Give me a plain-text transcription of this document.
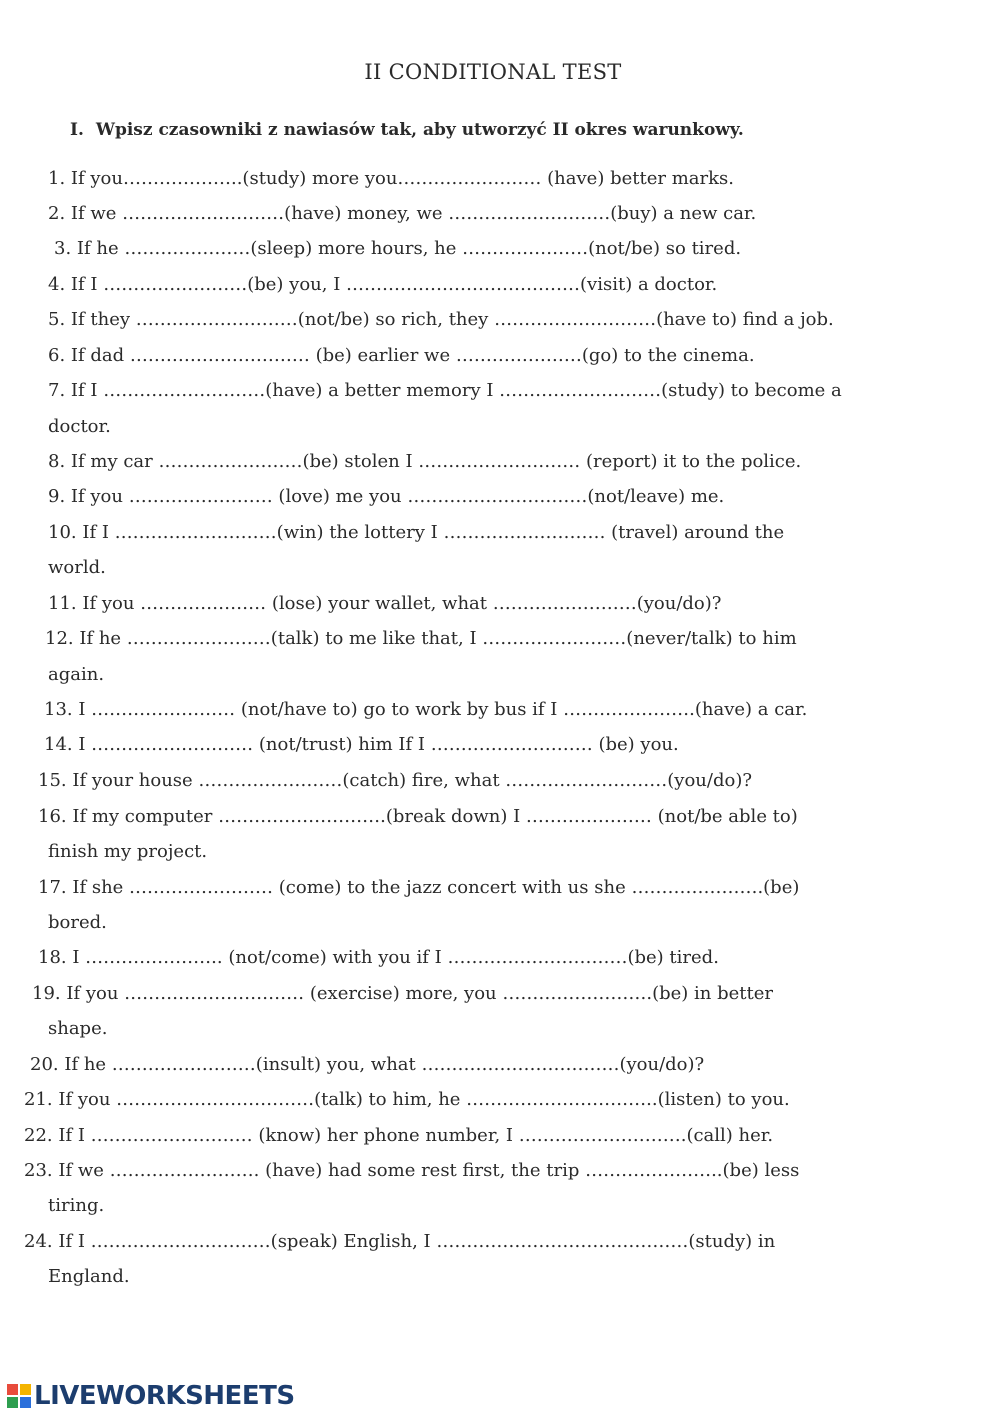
II CONDITIONAL TEST
I. Wpisz czasowniki z nawiasów tak, aby utworzyć II okres warunkowy.
1. If you………………..(study) more you…………………… (have) better marks.
2. If we ………………………(have) money, we ………………………(buy) a new car.
3. If he …………………(sleep) more hours, he …………………(not/be) so tired.
4. If I ……………………(be) you, I …………………………………(visit) a doctor.
5. If they ………………………(not/be) so rich, they ………………………(have to) find a job.
6. If dad ………………………… (be) earlier we …………………(go) to the cinema.
7. If I ………………………(have) a better memory I ………………………(study) to become a
doctor.
8. If my car ……………………(be) stolen I ……………………… (report) it to the police.
9. If you …………………… (love) me you …………………………(not/leave) me.
10. If I ………………………(win) the lottery I ……………………… (travel) around the
world.
11. If you ………………… (lose) your wallet, what ……………………(you/do)?
12. If he ……………………(talk) to me like that, I ……………………(never/talk) to him
again.
13. I …………………… (not/have to) go to work by bus if I ………………….(have) a car.
14. I ……………………… (not/trust) him If I ……………………… (be) you.
15. If your house ……………………(catch) fire, what ………………………(you/do)?
16. If my computer ……………………….(break down) I ………………… (not/be able to)
finish my project.
17. If she …………………… (come) to the jazz concert with us she ………………….(be)
bored.
18. I ………………….. (not/come) with you if I …………………………(be) tired.
19. If you ………………………… (exercise) more, you …………………….(be) in better
shape.
20. If he ……………………(insult) you, what ……………………………(you/do)?
21. If you ……………………………(talk) to him, he …………………………..(listen) to you.
22. If I ……………………… (know) her phone number, I ……………………….(call) her.
23. If we ……………………. (have) had some rest first, the trip …………………..(be) less
tiring.
24. If I …………………………(speak) English, I ……………………………………(study) in
England.
LIVEWORKSHEETS
